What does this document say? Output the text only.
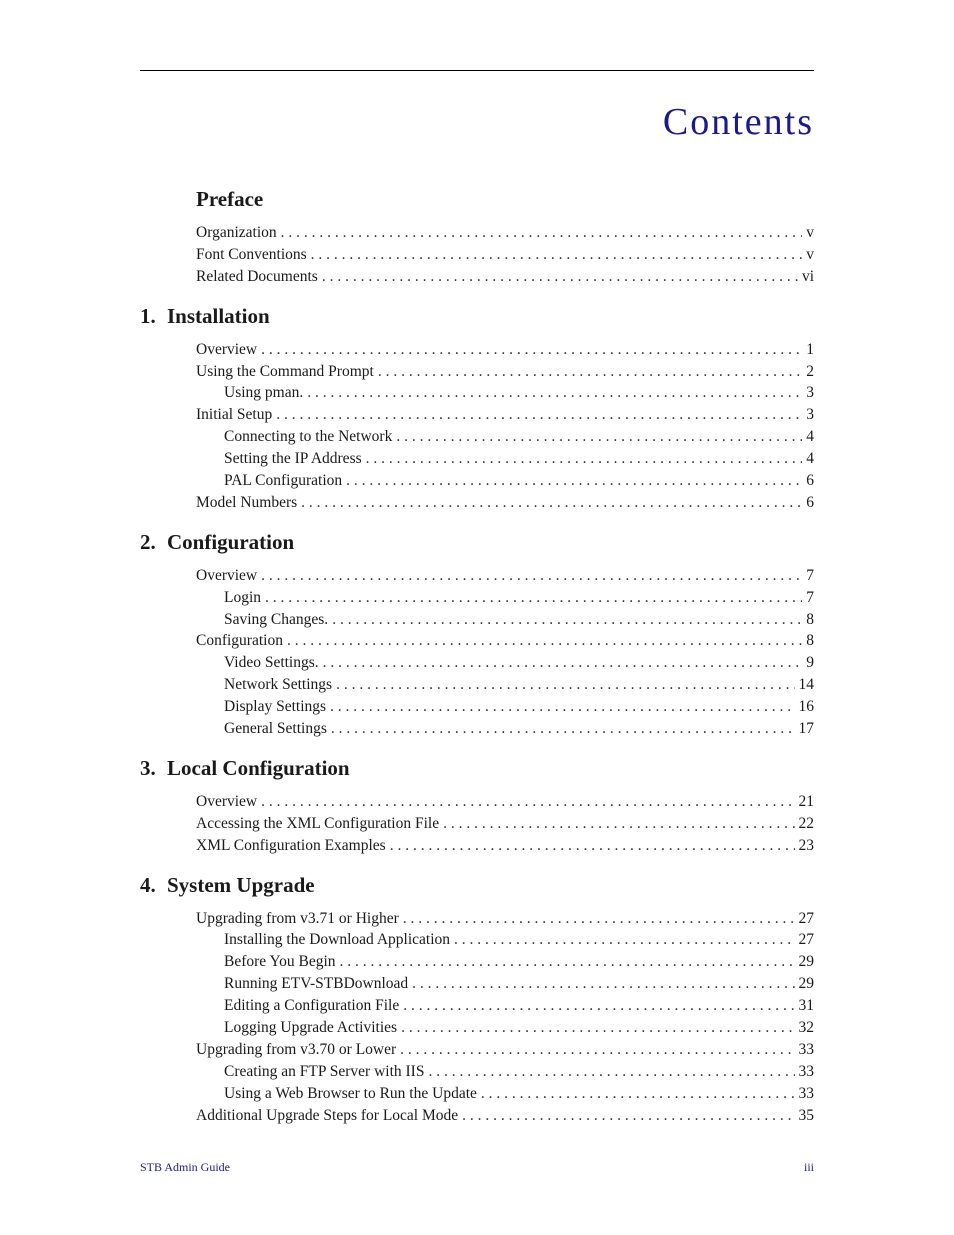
Contents
Preface
Organization . . .	v
Font Conventions . . .	v
Related Documents . . .	vi
1. Installation
Overview . . .	1
Using the Command Prompt . . .	2
Using pman. . . .	3
Initial Setup . . .	3
Connecting to the Network . . .	4
Setting the IP Address . . .	4
PAL Configuration . . .	6
Model Numbers . . .	6
2. Configuration
Overview . . .	7
Login . . .	7
Saving Changes. . . .	8
Configuration . . .	8
Video Settings. . . .	9
Network Settings . . .	14
Display Settings . . .	16
General Settings . . .	17
3. Local Configuration
Overview . . .	21
Accessing the XML Configuration File . . .	22
XML Configuration Examples . . .	23
4. System Upgrade
Upgrading from v3.71 or Higher . . .	27
Installing the Download Application . . .	27
Before You Begin . . .	29
Running ETV-STBDownload . . .	29
Editing a Configuration File . . .	31
Logging Upgrade Activities . . .	32
Upgrading from v3.70 or Lower . . .	33
Creating an FTP Server with IIS . . .	33
Using a Web Browser to Run the Update . . .	33
Additional Upgrade Steps for Local Mode . . .	35
STB Admin Guide	iii
